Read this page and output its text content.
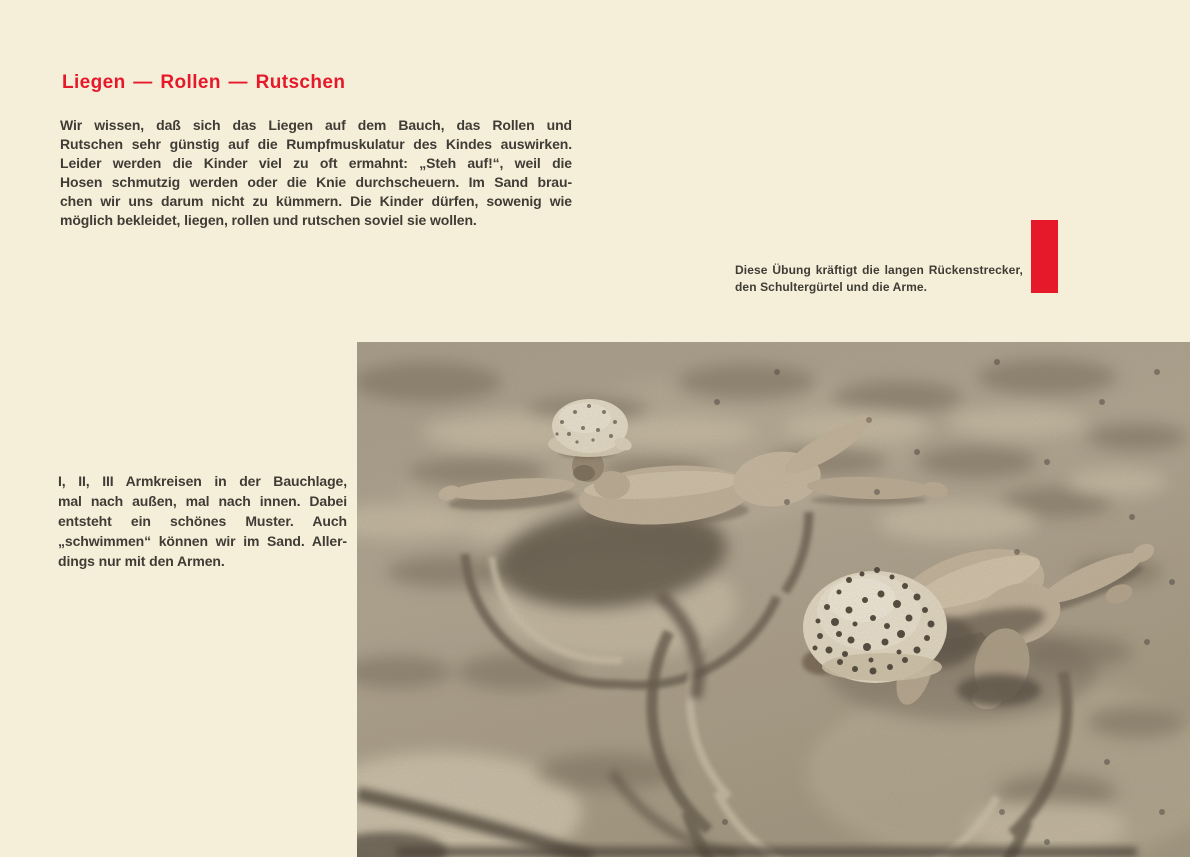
Liegen — Rollen — Rutschen
Wir wissen, daß sich das Liegen auf dem Bauch, das Rollen und
Rutschen sehr günstig auf die Rumpfmuskulatur des Kindes auswirken.
Leider werden die Kinder viel zu oft ermahnt: „Steh auf!“, weil die
Hosen schmutzig werden oder die Knie durchscheuern. Im Sand brau-
chen wir uns darum nicht zu kümmern. Die Kinder dürfen, sowenig wie
möglich bekleidet, liegen, rollen und rutschen soviel sie wollen.
Diese Übung kräftigt die langen Rückenstrecker,
den Schultergürtel und die Arme.
I, II, III Armkreisen in der Bauchlage,
mal nach außen, mal nach innen. Dabei
entsteht ein schönes Muster. Auch
„schwimmen“ können wir im Sand. Aller-
dings nur mit den Armen.
